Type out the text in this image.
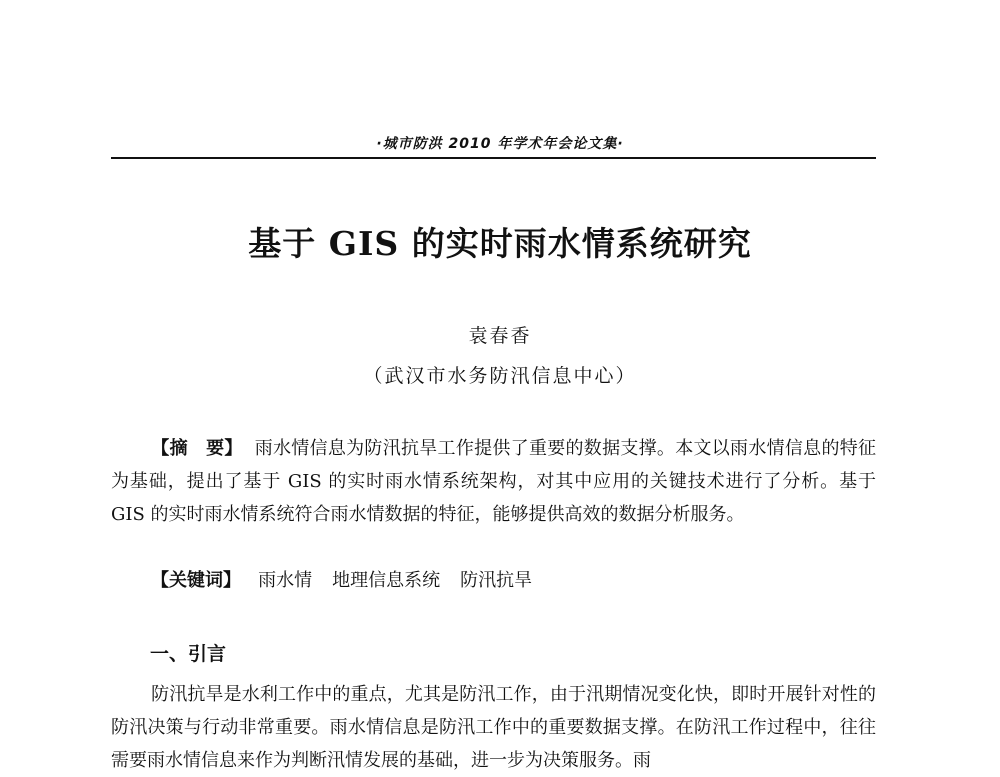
·城市防洪 2010 年学术年会论文集·
基于 GIS 的实时雨水情系统研究
袁春香
（武汉市水务防汛信息中心）
【摘　要】 雨水情信息为防汛抗旱工作提供了重要的数据支撑。本文以雨水情信息的特征为基础，提出了基于 GIS 的实时雨水情系统架构，对其中应用的关键技术进行了分析。基于 GIS 的实时雨水情系统符合雨水情数据的特征，能够提供高效的数据分析服务。
【关键词】 雨水情 地理信息系统 防汛抗旱
一、引言
防汛抗旱是水利工作中的重点，尤其是防汛工作，由于汛期情况变化快，即时开展针对性的防汛决策与行动非常重要。雨水情信息是防汛工作中的重要数据支撑。在防汛工作过程中，往往需要雨水情信息来作为判断汛情发展的基础，进一步为决策服务。雨
